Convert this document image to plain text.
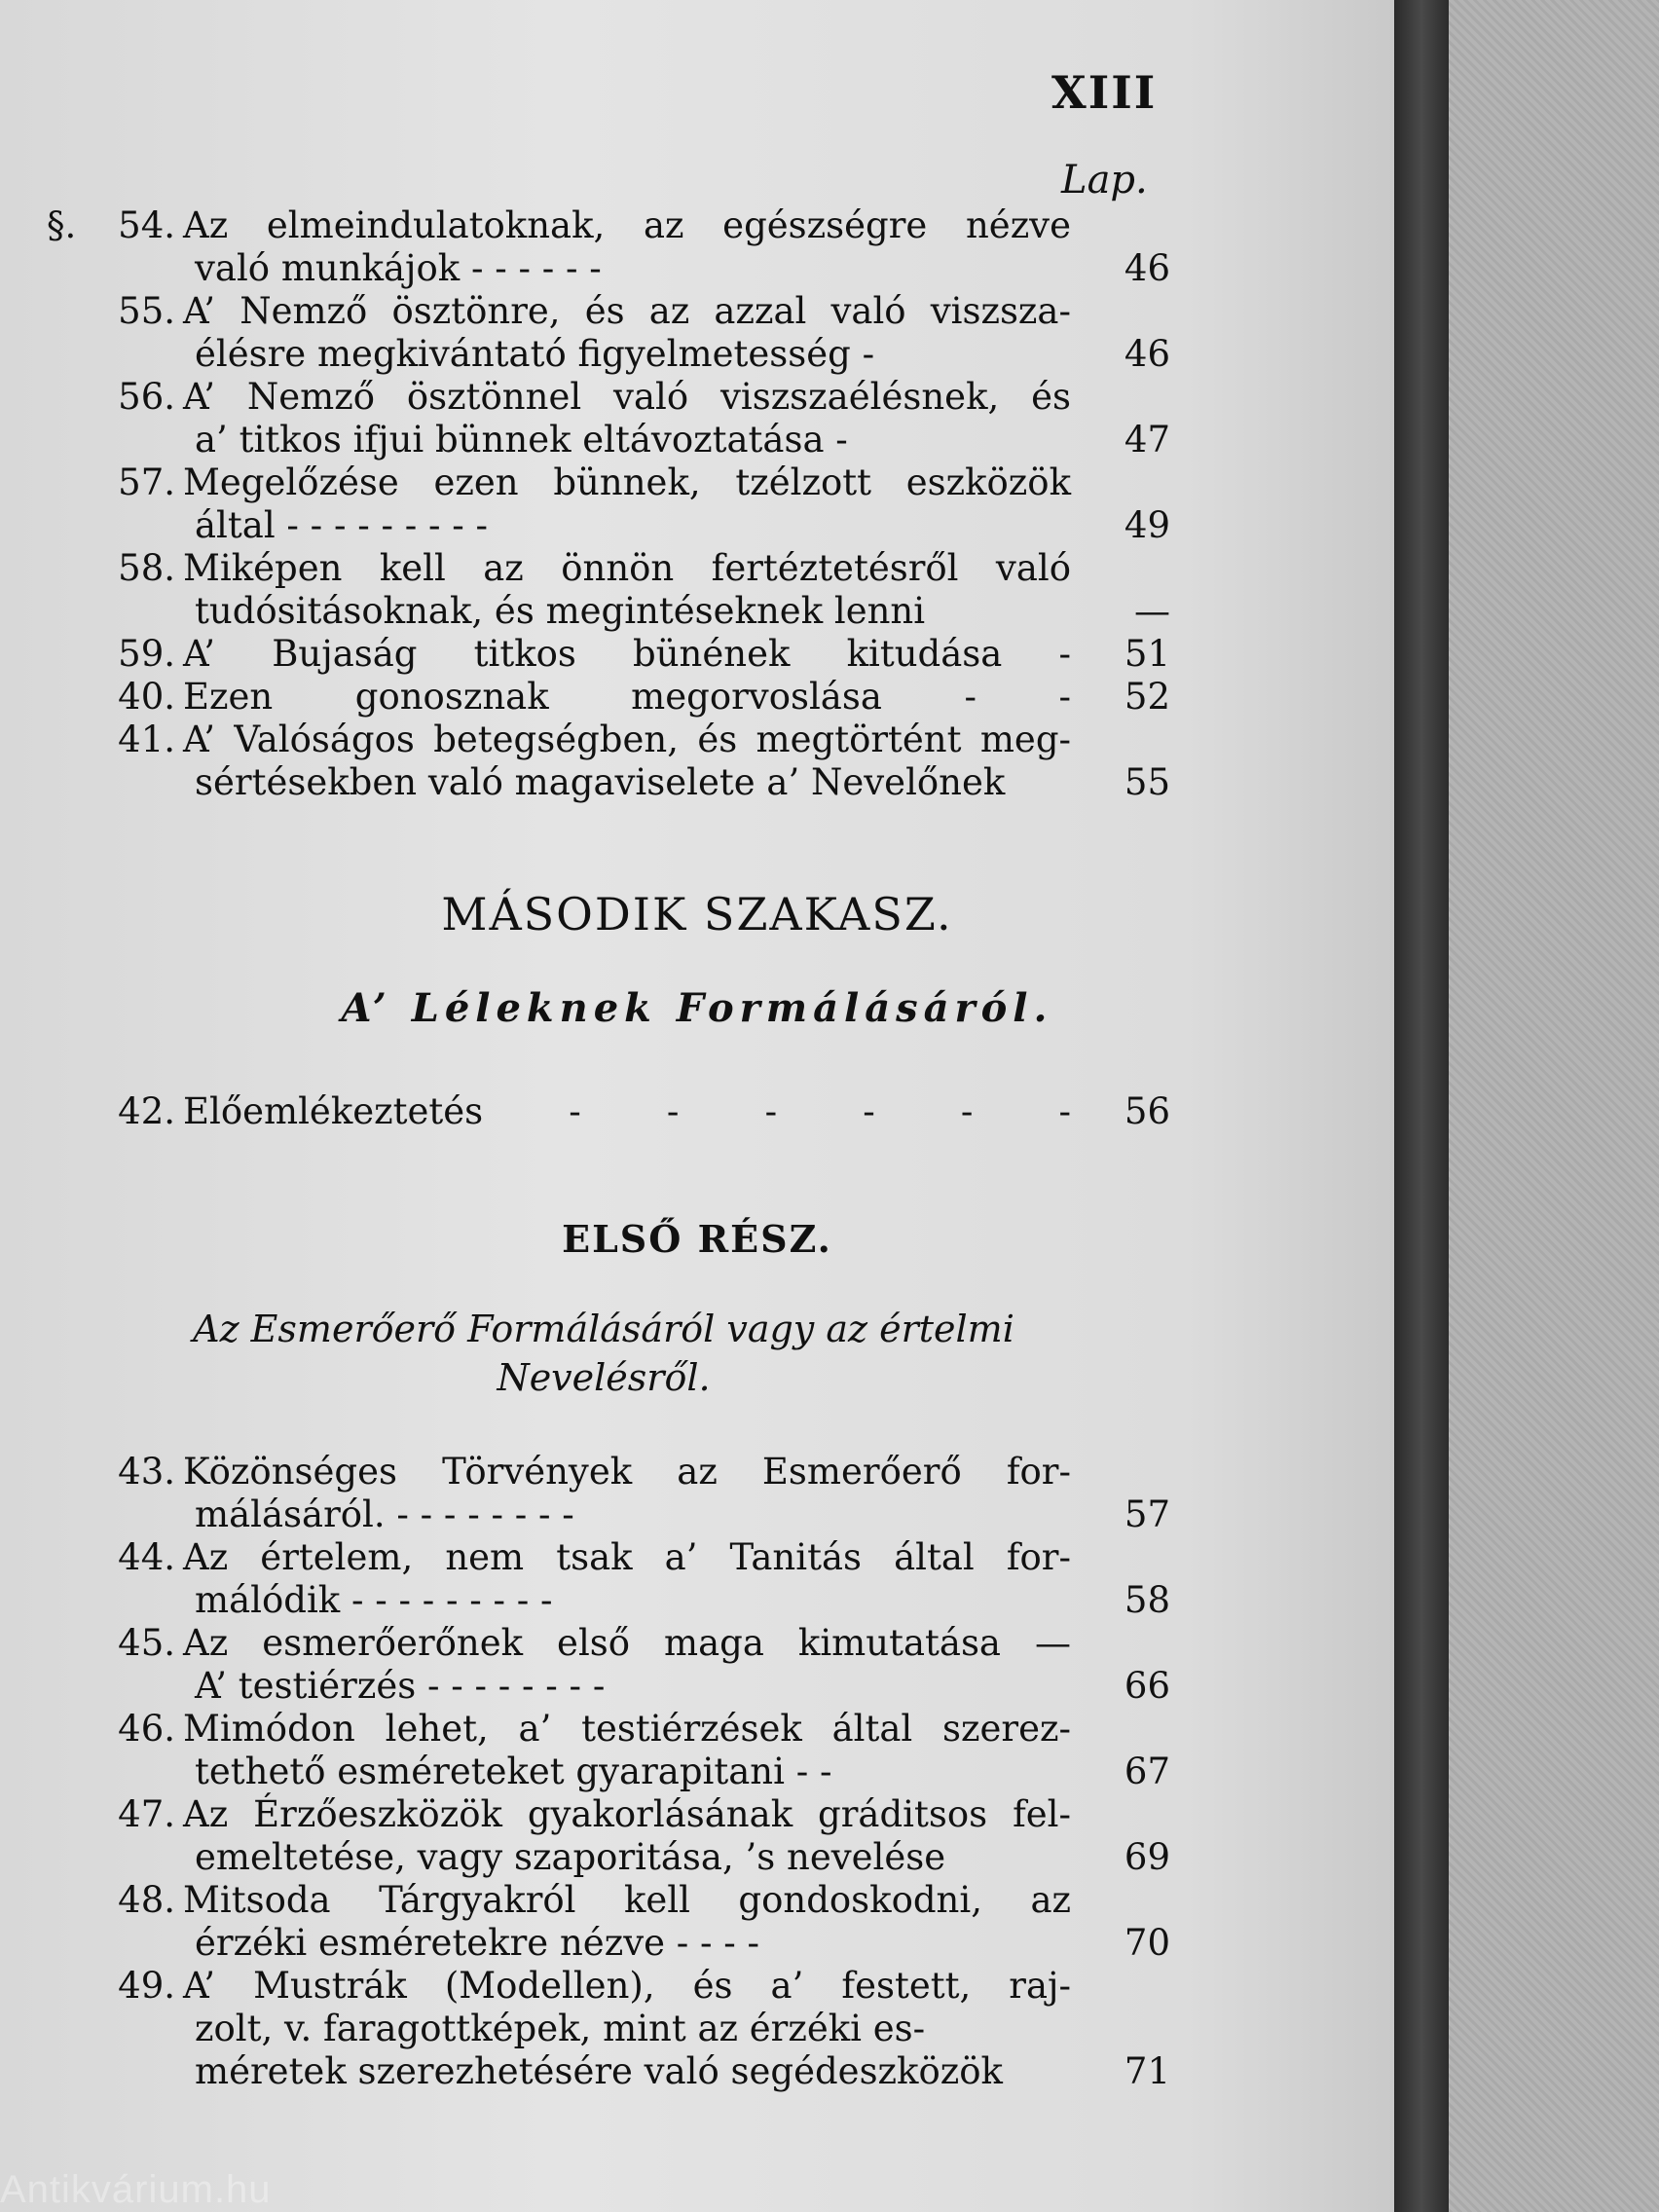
XIII
Lap.
§.	54. Az elmeindulatoknak, az egészségre nézve
való munkájok - - - - - -	46
55. A’ Nemző ösztönre, és az azzal való viszsza-
élésre megkivántató figyelmetesség -	46
56. A’ Nemző ösztönnel való viszszaélésnek, és
a’ titkos ifjui bünnek eltávoztatása -	47
57. Megelőzése ezen bünnek, tzélzott eszközök
által - - - - - - - - -	49
58. Miképen kell az önnön fertéztetésről való
tudósitásoknak, és megintéseknek lenni	—
59. A’ Bujaság titkos bünének kitudása -	51
40. Ezen gonosznak megorvoslása - -	52
41. A’ Valóságos betegségben, és megtörtént meg-
sértésekben való magaviselete a’ Nevelőnek	55
MÁSODIK SZAKASZ.
A’ Léleknek Formálásáról.
42. Előemlékeztetés - - - - - -	56
ELSŐ RÉSZ.
Az Esmerőerő Formálásáról vagy az értelmi
Nevelésről.
43. Közönséges Törvények az Esmerőerő for-
málásáról. - - - - - - - -	57
44. Az értelem, nem tsak a’ Tanitás által for-
málódik - - - - - - - - -	58
45. Az esmerőerőnek első maga kimutatása —
A’ testiérzés - - - - - - - -	66
46. Mimódon lehet, a’ testiérzések által szerez-
tethető esméreteket gyarapitani - -	67
47. Az Érzőeszközök gyakorlásának gráditsos fel-
emeltetése, vagy szaporitása, ’s nevelése	69
48. Mitsoda Tárgyakról kell gondoskodni, az
érzéki esméretekre nézve - - - -	70
49. A’ Mustrák (Modellen), és a’ festett, raj-
zolt, v. faragottképek, mint az érzéki es-
méretek szerezhetésére való segédeszközök	71
Antikvárium.hu
